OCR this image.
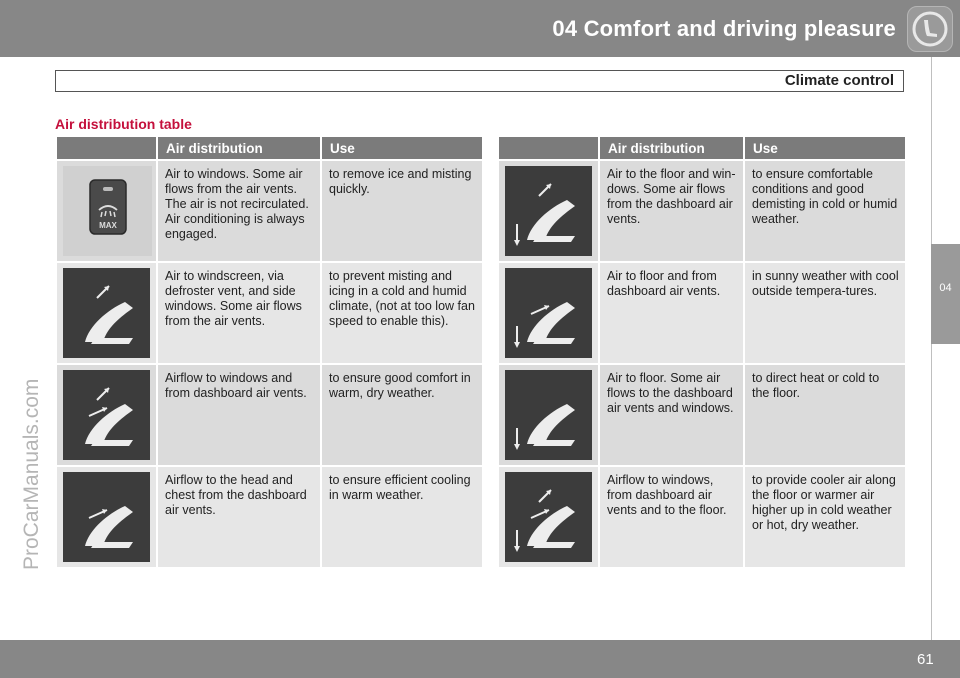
04 Comfort and driving pleasure
Climate control
04
ProCarManuals.com
Air distribution table
	Air distribution	Use

MAX	Air to windows. Some air flows from the air vents. The air is not recirculated. Air conditioning is always engaged.	to remove ice and misting quickly.

	Air to windscreen, via defroster vent, and side windows. Some air flows from the air vents.	to prevent misting and icing in a cold and humid climate, (not at too low fan speed to enable this).

	Airflow to windows and from dashboard air vents.	to ensure good comfort in warm, dry weather.

	Airflow to the head and chest from the dashboard air vents.	to ensure efficient cooling in warm weather.
	Air distribution	Use

	Air to the floor and win-dows. Some air flows from the dashboard air vents.	to ensure comfortable conditions and good demisting in cold or humid weather.

	Air to floor and from dashboard air vents.	in sunny weather with cool outside tempera-tures.

	Air to floor. Some air flows to the dashboard air vents and windows.	to direct heat or cold to the floor.

	Airflow to windows, from dashboard air vents and to the floor.	to provide cooler air along the floor or warmer air higher up in cold weather or hot, dry weather.
61
